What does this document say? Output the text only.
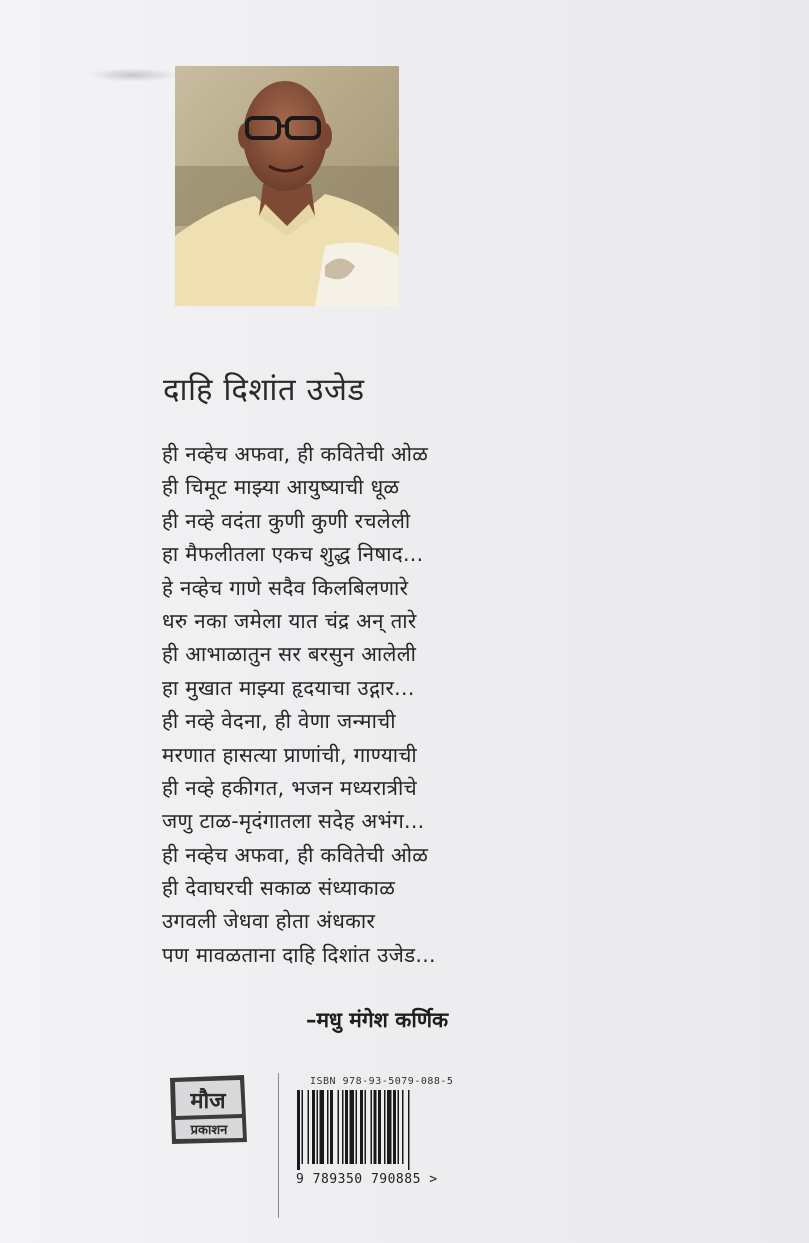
दाहि दिशांत उजेड
ही नव्हेच अफवा, ही कवितेची ओळ
ही चिमूट माझ्या आयुष्याची धूळ
ही नव्हे वदंता कुणी कुणी रचलेली
हा मैफलीतला एकच शुद्ध निषाद...
हे नव्हेच गाणे सदैव किलबिलणारे
धरु नका जमेला यात चंद्र अन् तारे
ही आभाळातुन सर बरसुन आलेली
हा मुखात माझ्या हृदयाचा उद्गार...
ही नव्हे वेदना, ही वेणा जन्माची
मरणात हासत्या प्राणांची, गाण्याची
ही नव्हे हकीगत, भजन मध्यरात्रीचे
जणु टाळ-मृदंगातला सदेह अभंग...
ही नव्हेच अफवा, ही कवितेची ओळ
ही देवाघरची सकाळ संध्याकाळ
उगवली जेधवा होता अंधकार
पण मावळताना दाहि दिशांत उजेड...
–मधु मंगेश कर्णिक
मौज
प्रकाशन
ISBN 978-93-5079-088-5
9 789350 790885 >
